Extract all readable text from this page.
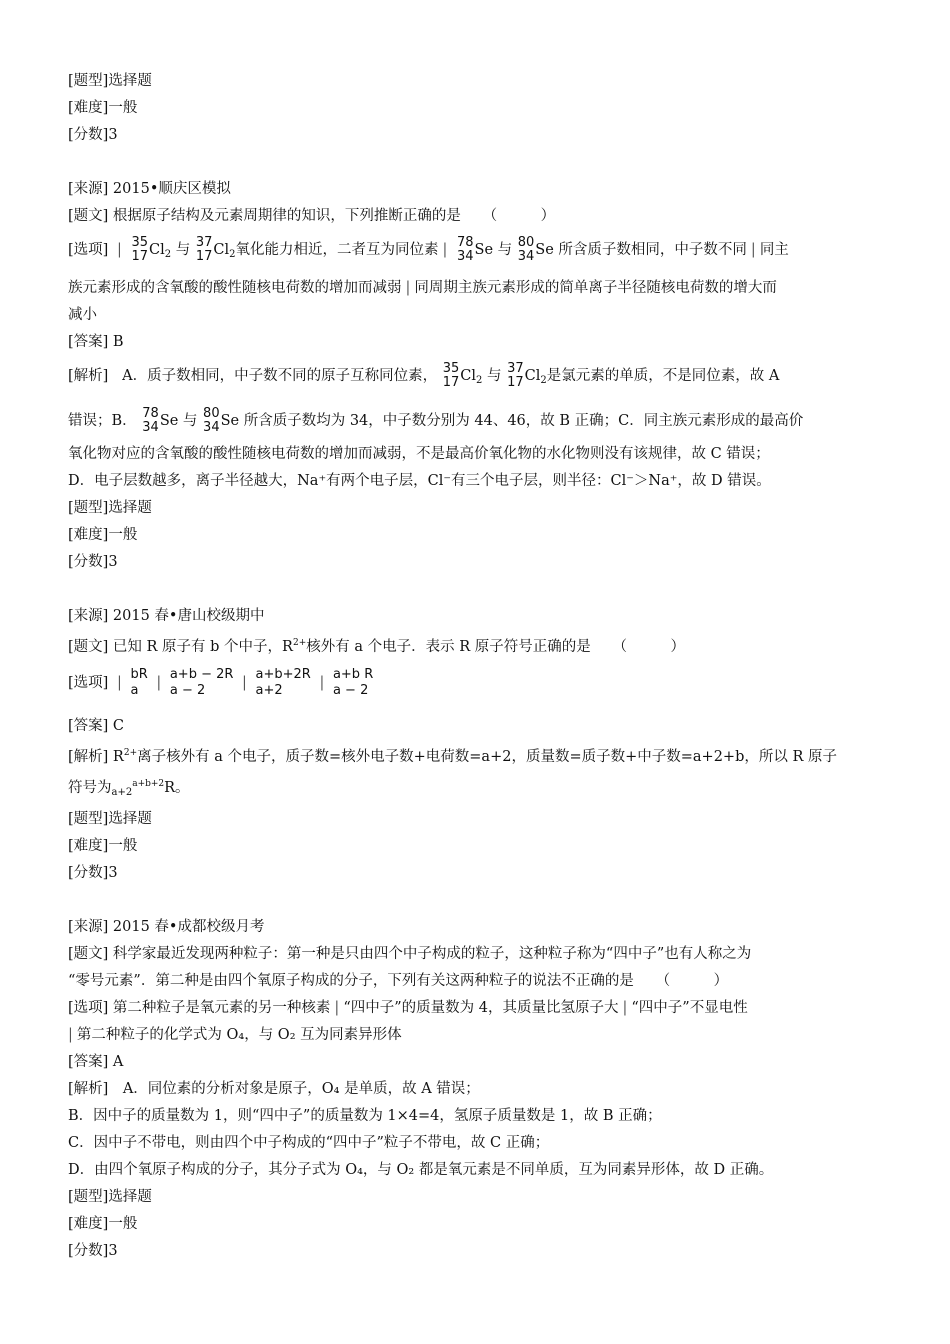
[题型]选择题
[难度]一般
[分数]3
[来源] 2015•顺庆区模拟
[题文] 根据原子结构及元素周期律的知识，下列推断正确的是　　（　　　）
[选项] | 35
17 $Cl_2$ 与 37
17 $Cl_2$氧化能力相近，二者互为同位素 | 78
34 Se 与 80
34 Se 所含质子数相同，中子数不同 | 同主
族元素形成的含氧酸的酸性随核电荷数的增加而减弱 | 同周期主族元素形成的简单离子半径随核电荷数的增大而
减小
[答案] B
[解析] A．质子数相同，中子数不同的原子互称同位素， 35
17 $Cl_2$ 与 37
17 $Cl_2$是氯元素的单质，不是同位素，故 A
错误；B． 78
34 Se 与 80
34 Se 所含质子数均为 34，中子数分别为 44、46，故 B 正确；C．同主族元素形成的最高价
氧化物对应的含氧酸的酸性随核电荷数的增加而减弱，不是最高价氧化物的水化物则没有该规律，故 C 错误；
D．电子层数越多，离子半径越大，Na⁺有两个电子层，Cl⁻有三个电子层，则半径：Cl⁻＞Na⁺，故 D 错误。
[题型]选择题
[难度]一般
[分数]3
[来源] 2015 春•唐山校级期中
[题文] 已知 R 原子有 b 个中子，$R^{2+}$核外有 a 个电子．表示 R 原子符号正确的是　　（　　　）
[选项] |
bR
a	|
a+b − 2R
a − 2	|
a+b+2R
a+2	|
a+b R
a − 2
[答案] C
[解析] $R^{2+}$离子核外有 a 个电子，质子数=核外电子数+电荷数=a+2，质量数=质子数+中子数=a+2+b，所以 R 原子
符号为$_{a+2}^{a+b+2}$R。
[题型]选择题
[难度]一般
[分数]3
[来源] 2015 春•成都校级月考
[题文] 科学家最近发现两种粒子：第一种是只由四个中子构成的粒子，这种粒子称为“四中子”也有人称之为
“零号元素”．第二种是由四个氧原子构成的分子，下列有关这两种粒子的说法不正确的是　　（　　　）
[选项] 第二种粒子是氧元素的另一种核素 | “四中子”的质量数为 4，其质量比氢原子大 | “四中子”不显电性
| 第二种粒子的化学式为 O₄，与 O₂ 互为同素异形体
[答案] A
[解析]　A．同位素的分析对象是原子，O₄ 是单质，故 A 错误；
B．因中子的质量数为 1，则“四中子”的质量数为 1×4=4，氢原子质量数是 1，故 B 正确；
C．因中子不带电，则由四个中子构成的“四中子”粒子不带电，故 C 正确；
D．由四个氧原子构成的分子，其分子式为 O₄，与 O₂ 都是氧元素是不同单质，互为同素异形体，故 D 正确。
[题型]选择题
[难度]一般
[分数]3
